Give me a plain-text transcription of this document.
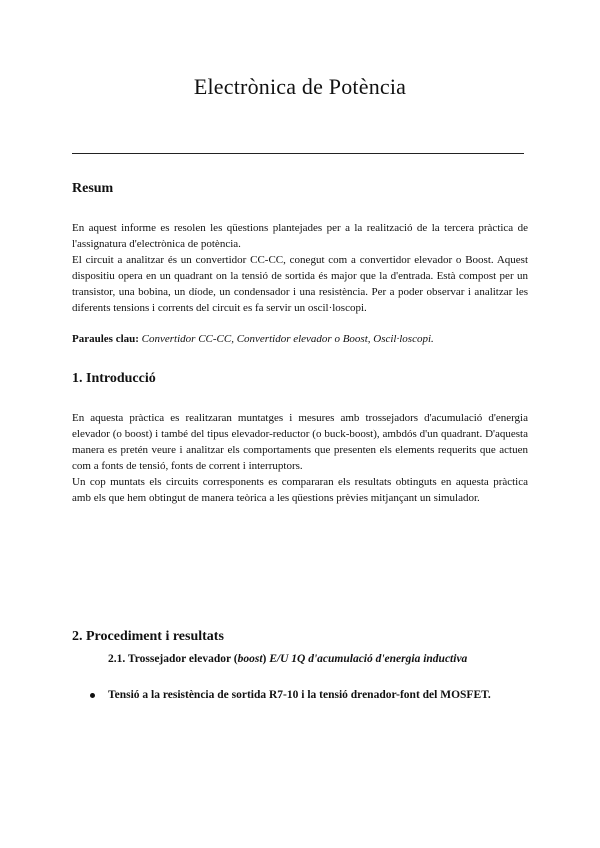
Electrònica de Potència
Resum

En aquest informe es resolen les qüestions plantejades per a la realització de la tercera pràctica de l'assignatura d'electrònica de potència.

El circuit a analitzar és un convertidor CC-CC, conegut com a convertidor elevador o Boost. Aquest dispositiu opera en un quadrant on la tensió de sortida és major que la d'entrada. Està compost per un transistor, una bobina, un díode, un condensador i una resistència. Per a poder observar i analitzar les diferents tensions i corrents del circuit es fa servir un oscil·loscopi.

Paraules clau: Convertidor CC-CC, Convertidor elevador o Boost, Oscil·loscopi.

1. Introducció

En aquesta pràctica es realitzaran muntatges i mesures amb trossejadors d'acumulació d'energia elevador (o boost) i també del tipus elevador-reductor (o buck-boost), ambdós d'un quadrant. D'aquesta manera es pretén veure i analitzar els comportaments que presenten els elements requerits que actuen com a fonts de tensió, fonts de corrent i interruptors.

Un cop muntats els circuits corresponents es compararan els resultats obtinguts en aquesta pràctica amb els que hem obtingut de manera teòrica a les qüestions prèvies mitjançant un simulador.

2. Procediment i resultats

2.1. Trossejador elevador (boost) E/U 1Q d'acumulació d'energia inductiva

Tensió a la resistència de sortida R7-10 i la tensió drenador-font del MOSFET.
